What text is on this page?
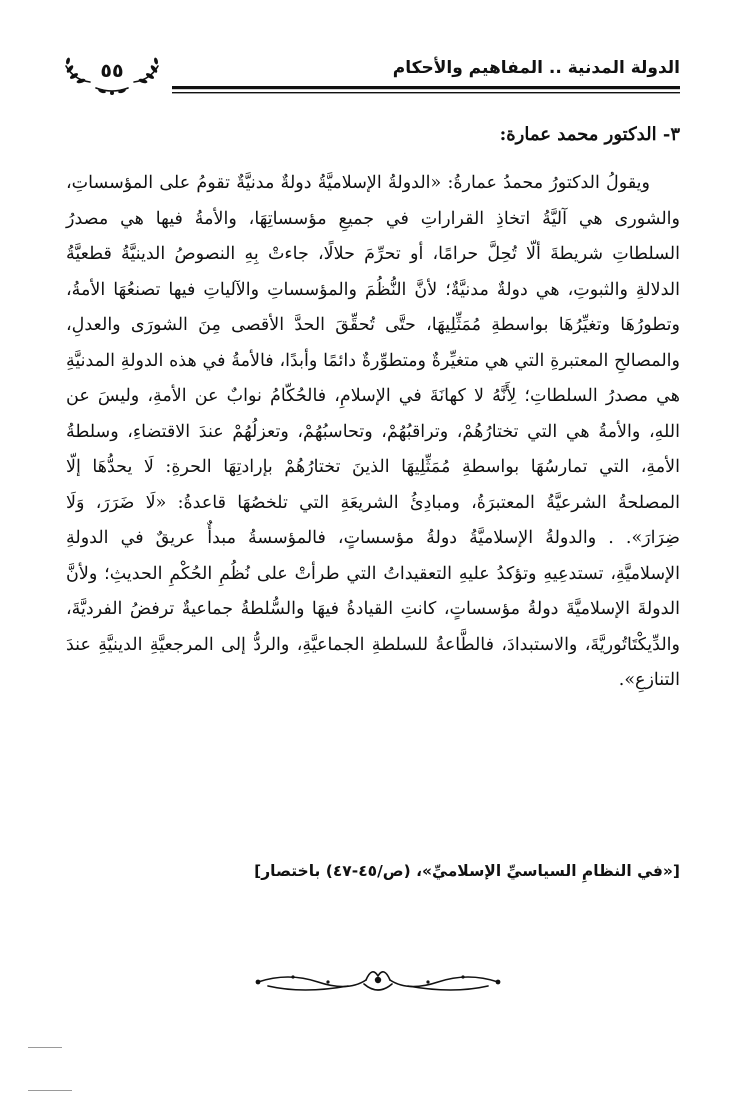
٥٥	الدولة المدنية .. المفاهيم والأحكام
٣- الدكتور محمد عمارة:

ويقولُ الدكتورُ محمدُ عمارةُ: «الدولةُ الإسلاميَّةُ دولةٌ مدنيَّةٌ تقومُ على المؤسساتِ، والشورى هي آليَّةُ اتخاذِ القراراتِ في جميعِ مؤسساتِهَا، والأمةُ فيها هي مصدرُ السلطاتِ شريطةَ ألّا تُحِلَّ حرامًا، أو تحرِّمَ حلالًا، جاءتْ بِهِ النصوصُ الدينيَّةُ قطعيَّةُ الدلالةِ والثبوتِ، هي دولةٌ مدنيَّةٌ؛ لأنَّ النُّظُمَ والمؤسساتِ والآلياتِ فيها تصنعُهَا الأمةُ، وتطورُهَا وتغيِّرُهَا بواسطةِ مُمَثِّلِيهَا، حتَّى تُحقِّقَ الحدَّ الأقصى مِنَ الشورَى والعدلِ، والمصالحِ المعتبرةِ التي هي متغيِّرةٌ ومتطوِّرةٌ دائمًا وأبدًا، فالأمةُ في هذه الدولةِ المدنيَّةِ هي مصدرُ السلطاتِ؛ لِأَنَّهُ لا كهانَةَ في الإسلامِ، فالحُكّامُ نوابٌ عن الأمةِ، وليسَ عن اللهِ، والأمةُ هي التي تختارُهُمْ، وتراقبُهُمْ، وتحاسبُهُمْ، وتعزلُهُمْ عندَ الاقتضاءِ، وسلطةُ الأمةِ، التي تمارسُهَا بواسطةِ مُمَثِّلِيهَا الذينَ تختارُهُمْ بإرادتِهَا الحرةِ: لَا يحدُّهَا إلّا المصلحةُ الشرعيَّةُ المعتبرَةُ، ومبادِئُ الشريعَةِ التي تلخصُهَا قاعدةُ: «لَا ضَرَرَ، وَلَا ضِرَارَ». . والدولةُ الإسلاميَّةُ دولةُ مؤسساتٍ، فالمؤسسةُ مبدأٌ عريقٌ في الدولةِ الإسلاميَّةِ، تستدعِيهِ وتؤكدُ عليهِ التعقيداتُ التي طرأتْ على نُظُمِ الحُكْمِ الحديثِ؛ ولأنَّ الدولةَ الإسلاميَّةَ دولةُ مؤسساتٍ، كانتِ القيادةُ فيهَا والسُّلطةُ جماعيةٌ ترفضُ الفرديَّةَ، والدِّيكْتَاتُوريَّةَ، والاستبدادَ، فالطَّاعةُ للسلطةِ الجماعيَّةِ، والردُّ إلى المرجعيَّةِ الدينيَّةِ عندَ التنازعِ».

[«في النظامِ السياسيِّ الإسلاميِّ»، (ص/٤٥-٤٧) باختصار]
